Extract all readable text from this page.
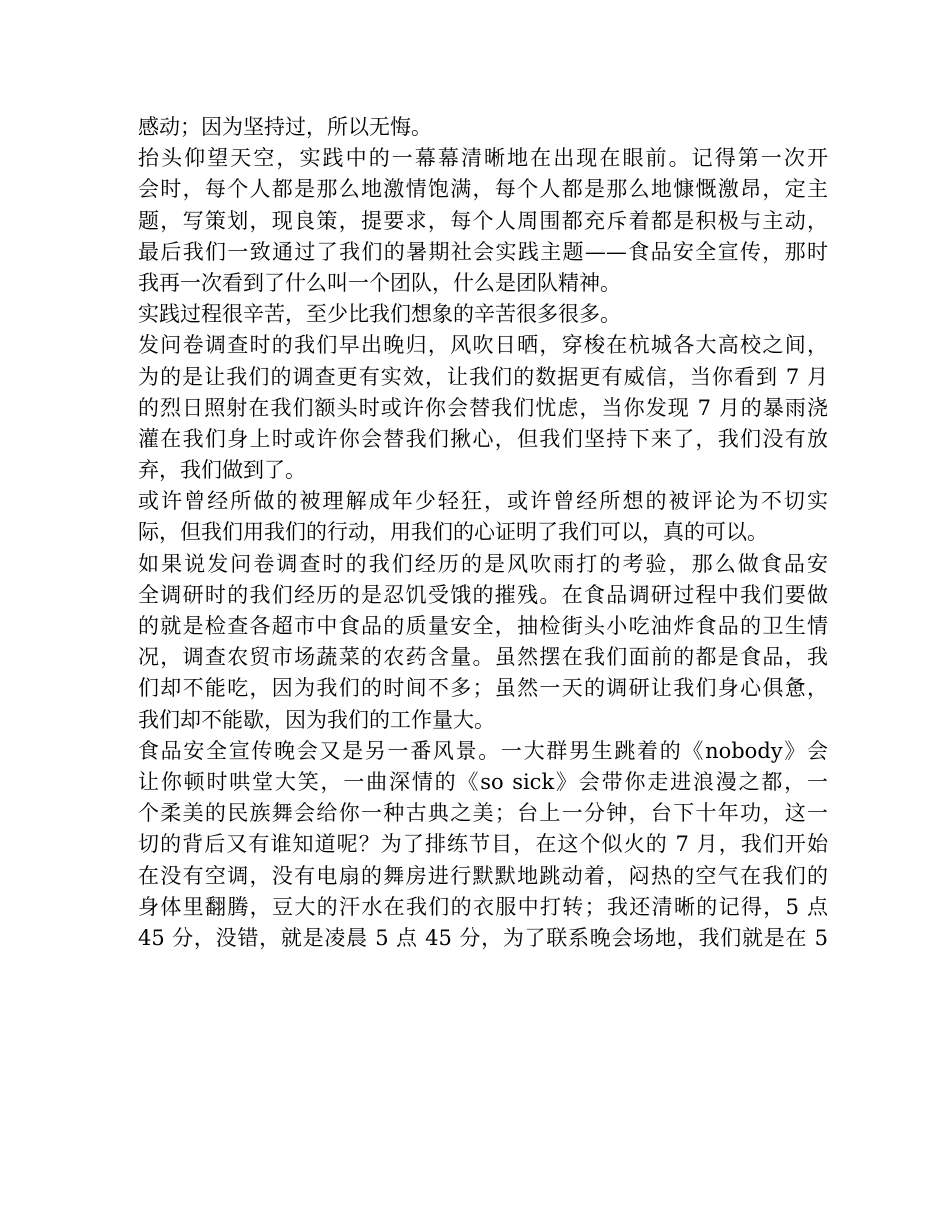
感动；因为坚持过，所以无悔。
抬头仰望天空，实践中的一幕幕清晰地在出现在眼前。记得第一次开
会时，每个人都是那么地激情饱满，每个人都是那么地慷慨激昂，定主
题，写策划，现良策，提要求，每个人周围都充斥着都是积极与主动，
最后我们一致通过了我们的暑期社会实践主题——食品安全宣传，那时
我再一次看到了什么叫一个团队，什么是团队精神。
实践过程很辛苦，至少比我们想象的辛苦很多很多。
发问卷调查时的我们早出晚归，风吹日晒，穿梭在杭城各大高校之间，
为的是让我们的调查更有实效，让我们的数据更有威信，当你看到 7 月
的烈日照射在我们额头时或许你会替我们忧虑，当你发现 7 月的暴雨浇
灌在我们身上时或许你会替我们揪心，但我们坚持下来了，我们没有放
弃，我们做到了。
或许曾经所做的被理解成年少轻狂，或许曾经所想的被评论为不切实
际，但我们用我们的行动，用我们的心证明了我们可以，真的可以。
如果说发问卷调查时的我们经历的是风吹雨打的考验，那么做食品安
全调研时的我们经历的是忍饥受饿的摧残。在食品调研过程中我们要做
的就是检查各超市中食品的质量安全，抽检街头小吃油炸食品的卫生情
况，调查农贸市场蔬菜的农药含量。虽然摆在我们面前的都是食品，我
们却不能吃，因为我们的时间不多；虽然一天的调研让我们身心俱惫，
我们却不能歇，因为我们的工作量大。
食品安全宣传晚会又是另一番风景。一大群男生跳着的《nobody》会
让你顿时哄堂大笑，一曲深情的《so sick》会带你走进浪漫之都，一
个柔美的民族舞会给你一种古典之美；台上一分钟，台下十年功，这一
切的背后又有谁知道呢？为了排练节目，在这个似火的 7 月，我们开始
在没有空调，没有电扇的舞房进行默默地跳动着，闷热的空气在我们的
身体里翻腾，豆大的汗水在我们的衣服中打转；我还清晰的记得，5 点
45 分，没错，就是凌晨 5 点 45 分，为了联系晚会场地，我们就是在 5
